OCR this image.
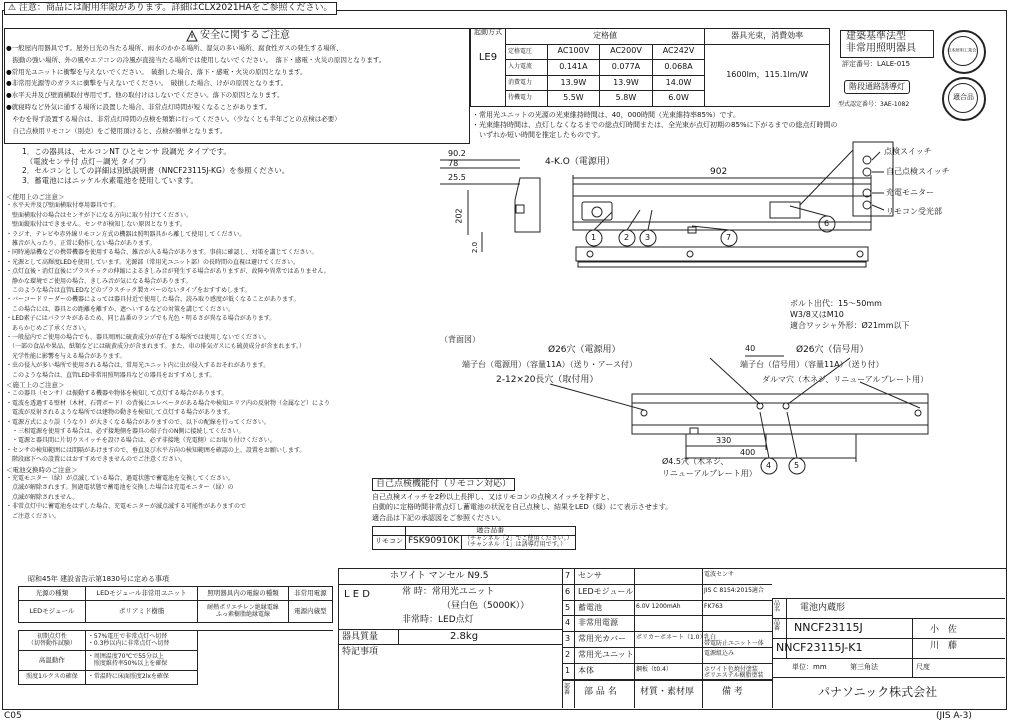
⚠ 注意：商品には耐用年限があります。詳細はCLX2021HAをご参照ください。
安全に関するご注意
●一般屋内用器具です。屋外日光の当たる場所、雨水のかかる場所、湿気の多い場所、腐食性ガスの発生する場所、
　振動の強い場所、外の風やエアコンの冷風が直接当たる場所では使用しないでください。　落下・感電・火災の原因となります。
●常用光ユニットに衝撃を与えないでください。　破損した場合、落下・感電・火災の原因となります。
●非常用光源等のガラスに衝撃を与えないでください。　破損した場合、けがの原因となります。
●水平天井及び壁面横取付専用です。他の取付けはしないでください。落下の原因となります。
●就寝時など外気に通する場所に設置した場合、非常点灯時間が短くなることがあります。
　やむを得ず設置する場合は、非常点灯時間の点検を頻繁に行ってください。（少なくとも半年ごとの点検は必要）
　自己点検用リモコン（別売）をご使用頂けると、点検が簡単となります。
起動方式

LE9	定格値				器具光束，消費効率
	定格電圧	AC100V	AC200V	AC242V	1600lm，115.1lm/W
	入力電流	0.141A	0.077A	0.068A	
	消費電力	13.9W	13.9W	14.0W	
	待機電力	5.5W	5.8W	6.0W	
・常用光ユニットの光源の光束維持時間は、40，000時間（光束維持率85%）です。
・光束維持時間は、点灯しなくなるまでの総点灯時間または、全光束が点灯初期の85%に下がるまでの総点灯時間の
　いずれか短い時間を推定したものです。
建築基準法型
非常用照明器具
評定番号：LALE-015
階段通路誘導灯
型式認定番号：3AE-1082
日本照明工業会
適合品
1．この器具は、セルコンNT ひとセンサ 段調光 タイプです。
　（電波センサ付 点灯－調光 タイプ）
2．セルコンとしての詳細は別紙説明書（NNCF23115J-KG）を参照ください。
3．蓄電池にはニッケル水素電池を使用しています。
＜使用上のご注意＞
・水平天井及び壁面横取付専用器具です。
　壁面横取付の場合はセンサが下になる方向に取り付けてください。
　壁面縦取付はできません。センサが検知しない原因となります。
・ラジオ、テレビや赤外線リモコン方式の機器は照明器具から離して使用してください。
　雑音が入ったり、正常に動作しない場合があります。
・同時通話機などの携帯機器を使用する場合、雑音が入る場合があります。事前に確認し、対策を講じてください。
・光源として高輝度LEDを使用しています。光源部（常用光ユニット部）の長時間の直視は避けてください。
・点灯直後・消灯直後にプラスチックの伸縮によるきしみ音が発生する場合がありますが、故障や異常ではありません。
　静かな環境でご使用の場合、きしみ音が気になる場合があります。
　このような場合は直管LEDなどのプラスチック製カバーのないタイプをおすすめします。
・バーコードリーダーの機器によっては器具付近で使用した場合、読み取り感度が低くなることがあります。
　この場合には、器具との距離を離すか、遮へいするなどの対策を講じてください。
・LED素子にはバラツキがあるため、同じ品番のランプでも光色・明るさが異なる場合があります。
　あらかじめご了承ください。
・一般屋内でご使用の場合でも、器具周囲に硫黄成分が存在する場所では使用しないでください。
　（一部の食品や果品、紙類などには硫黄成分が含まれます。また、車の排気ガスにも硫黄成分が含まれます。）
　光学性能に影響を与える場合があります。
・虫の侵入が多い場所で使用される場合は、常用光ユニット内に虫が侵入するおそれがあります。
　このような場合は、直管LED非常用照明器具などの器具をおすすめします。
＜施工上のご注意＞
・この器具（センサ）は振動する機器や物体を検知して点灯する場合があります。
・電波を透過する壁材（木材、石膏ボード）の背後にエレベータがある場合や検知エリア内の反射物（金属など）により
　電波が反射されるような場所では建物の動きを検知して点灯する場合があります。
・電源方式により誤（うなり）が大きくなる場合がありますので、以下の配線を行ってください。
　・三相電源を使用する場合は、必ず接地側を器具の端子台のN側に接続してください。
　・電源と器具間に片切りスイッチを設ける場合は、必ず非接地（充電側）にお取り付けください。
・センサの検知範囲には間隔があけますので、垂直及び水平方向の検知範囲を確認の上、設置をお願いします。
　階段廊下への設置にはおすすめできませんのでご注意ください。
＜電池交換時のご注意＞
・充電モニター（緑）が点滅している場合、過電状態で蓄電池を交換してください。
　点滅が解除されます。無過電状態で蓄電池を交換した場合は充電モニター（緑）の
　点滅が解除されません。
・非常点灯中に蓄電池をはずした場合、充電モニターが滅点滅する可能性がありますので
　ご注意ください。
90.2
78
25.5
202
2.0
902
4-K.O（電源用）
1	2 3	7
6
4	5
点検スイッチ
自己点検スイッチ
充電モニター
リモコン受光部
ボルト出代：15～50mm
W3/8又はM10
適合ワッシャ外形：Ø21mm以下
（背面図）
Ø26穴（電源用）	Ø26穴（信号用）
40
端子台（電源用）（容量11A）（送り・アース付）	端子台（信号用）（容量11A）（送り付）
2-12×20長穴（取付用）	ダルマ穴（木ネジ、リニューアルプレート用）
330
400
Ø4.5穴（木ネジ、
リニューアルプレート用）
自己点検機能付（リモコン対応）
自己点検スイッチを2秒以上長押し、又はリモコンの点検スイッチを押すと、
自動的に定格時間非常点灯し蓄電池の状況を自己点検し、結果をLED（緑）にて表示させます。
適合品は下記の承認図をご参照ください。
	適合品番	
リモコン	FSK90910K	（チャンネル「2」でご使用ください。）
（チャンネル「1」は誘導灯用です。）
昭和45年 建設省告示第1830号に定める事項
光源の種類	LEDモジュール非常用ユニット	照明器具内の電線の種類	非常用電源
LEDモジュール	ポリアミド樹脂	耐熱ポリエチレン絶縁電線
ふっ素樹脂絶縁電線	電源内蔵型

初期点灯性
（切替動作試験）	・57%電圧で非常点灯へ切替
・0.3秒以内に非常点灯へ切替		
高温動作	・周囲温度70℃で55分以上
　照度維持率50%以上を確保		
照度1ルクスの確保	・常温時に床面照度2lxを確保		
ホワイト マンセル N9.5
L E D	常 時：常用光ユニット
（昼白色（5000K））
非常時：LED点灯
器具質量	2.8kg
特記事項
7 センサ	電波センサ
6 LEDモジュール	JIS C 8154:2015適合
5 蓄電池	6.0V 1200mAh	FK763
4 非常用電源
3 常用光カバー ポリカーボネート（1.0）
乳白
帯電防止ユニット一体
2 常用光ユニット	電源組込み
1 本体	鋼板（t0.4）	ホワイト色焼付塗装
ポリエステル樹脂塗装
部番 部 品 名	材質・素材厚	備 考
品名	電池内蔵形
品番	NNCF23115J
NNCF23115J-K1
単位：mm	第三角法	尺度
小　佐
川　藤
パナソニック株式会社
C05	(JIS A-3)
